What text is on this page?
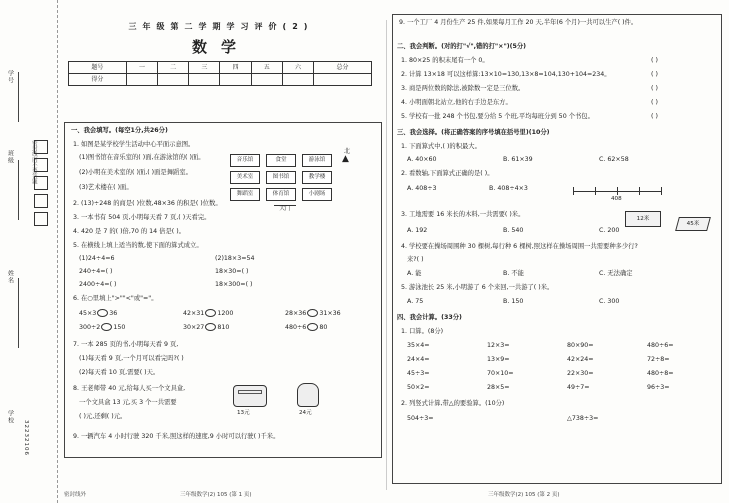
学号
班级
姓名
学校
密封线内不要答题
32232106
三年级第二学期学习评价(2)
数学
题号	一	二	三	四	五	六	总分
得分							
一、我会填写。(每空1分,共26分)
1. 如图是某学校学生活动中心平面示意图。
(1)图书馆在音乐室的( )面,在游泳馆的( )面。
(2)小明在美术室的( )面,( )面是舞蹈室。
(3)艺术楼在( )面。
2. (13)÷248 的商是( )位数,48×36 的积是( )位数。
3. 一本书有 504 页,小明每天看 7 页,( )天看完。
4. 420 是 7 的( )倍,70 的 14 倍是( )。
5. 在横线上填上适当的数,使下面的算式成立。
(1)24÷4=6	(2)18×3=54
240÷4=( )	18×30=( )
2400÷4=( )	18×300=( )
6. 在○里填上">""<"或"="。
45×3 36	42×31 1200	28×36 31×36
300÷2 150	30×27 810	480÷6 80
7. 一本 285 页的书,小明每天看 9 页,
(1)每天看 9 页,一个月可以看完吗?( )
(2)每天看 10 页,需要( )天。
8. 王老师带 40 元,给每人买一个文具盒,
一个文具盒 13 元,买 3 个一共需要
( )元,还剩( )元。	13元	24元
9. 一辆汽车 4 小时行驶 320 千米,照这样的速度,9 小时可以行驶( )千米。
音乐馆	食堂	游泳馆
美术室	图书馆	教学楼
舞蹈室	体育馆	小剧场
大门
北
▲
密封线外	三年级数学(2) 105 (第 1 页)
9. 一个工厂 4 月份生产 25 件,如果每月工作 20 天,半年(6 个月)一共可以生产( )件。
二、我会判断。(对的打"√",错的打"×")(5分)
1. 80×25 的积末尾有一个 0。	( )
2. 计算 13×18 可以这样算:13×10=130,13×8=104,130+104=234。	( )
3. 商是两位数的除法,被除数一定是三位数。	( )
4. 小明面朝北站立,他的右手边是东方。	( )
5. 学校有一批 248 个书包,要分给 5 个班,平均每班分到 50 个书包。	( )
三、我会选择。(将正确答案的序号填在括号里)(10分)
1. 下面算式中,( )的积最大。
A. 40×60	B. 61×39	C. 62×58
2. 看数轴,下面算式正确的是( )。
A. 408÷3	B. 408÷4×3
408
3. 工地需要 16 米长的木料,一共需要( )米。
A. 192	B. 540	C. 200
12米
45米
4. 学校要在操场周围种 30 棵树,每行种 6 棵树,照这样在操场周围一共需要种多少行?
来?( )
A. 能	B. 不能	C. 无法确定
5. 游泳池长 25 米,小明游了 6 个来回,一共游了( )米。
A. 75	B. 150	C. 300
四、我会计算。(33分)
1. 口算。(8分)
35×4=	12×3=	80×90=	480÷6=
24×4=	13×9=	42×24=	72÷8=
45÷3=	70×10=	22×30=	480÷8=
50×2=	28×5=	49÷7=	96÷3=
2. 列竖式计算,带△的要验算。(10分)
504÷3=	△738÷3=
三年级数学(2) 105 (第 2 页)
